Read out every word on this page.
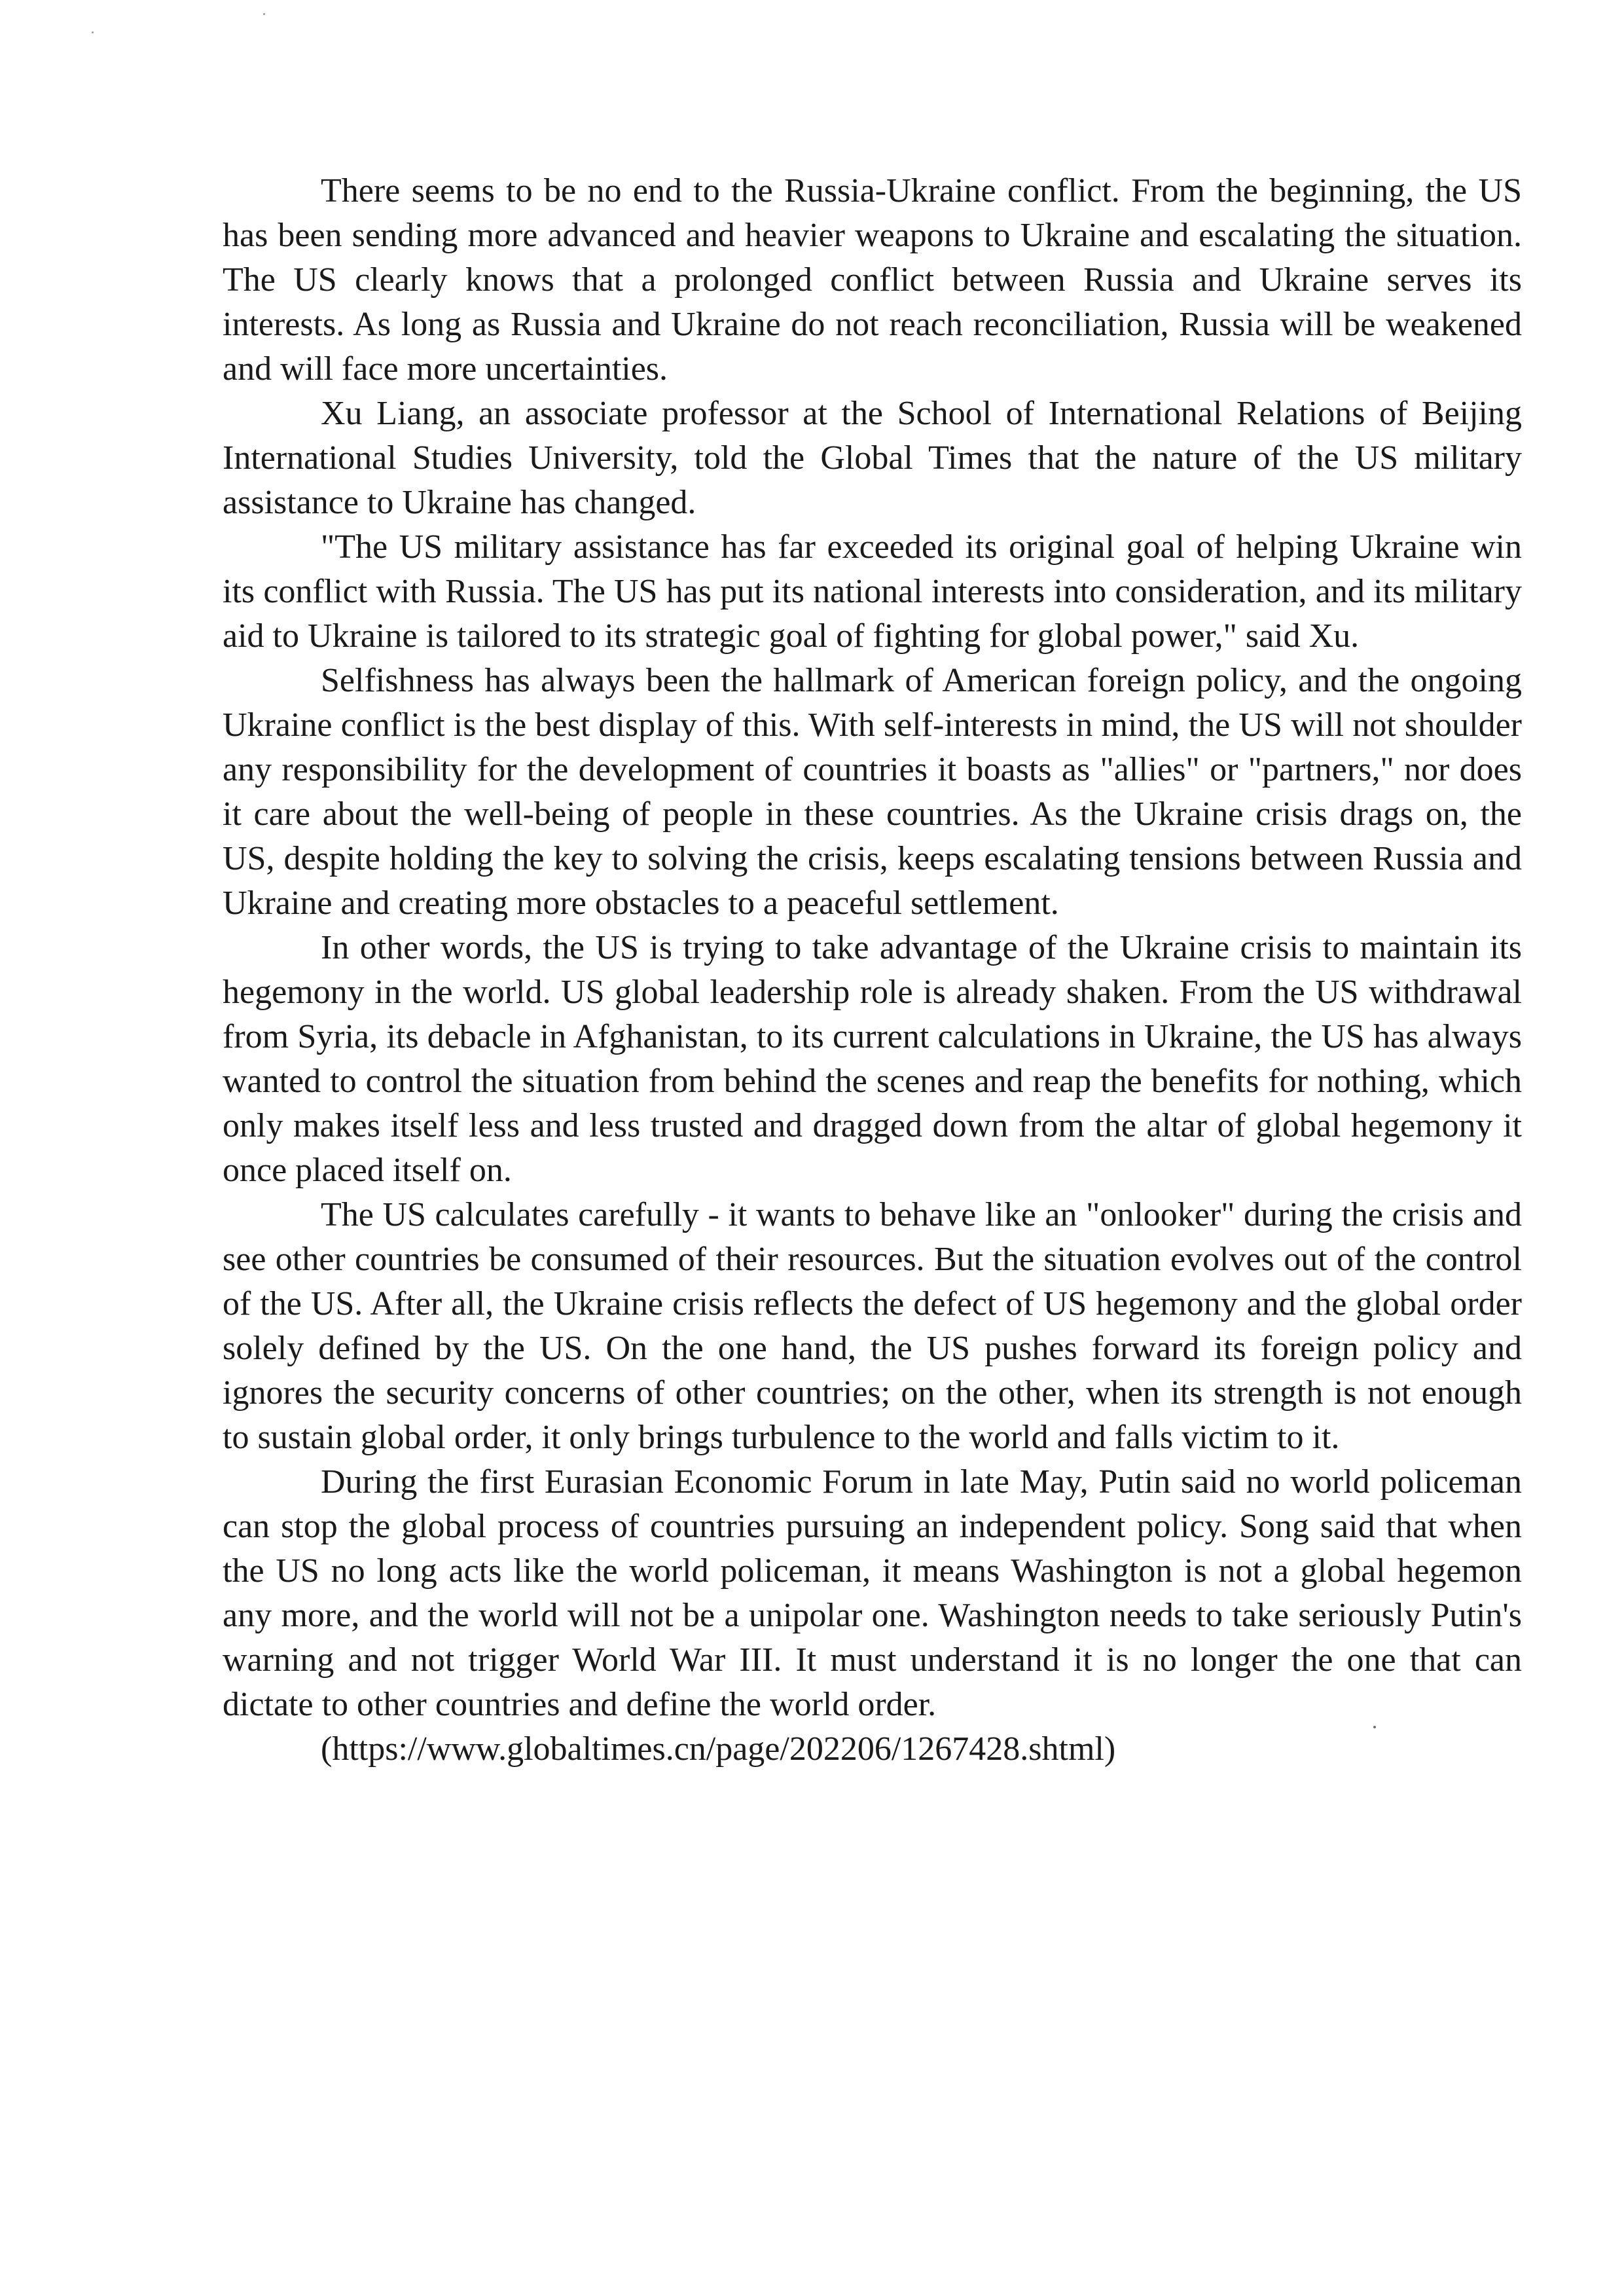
There seems to be no end to the Russia-Ukraine conflict. From the beginning, the US has been sending more advanced and heavier weapons to Ukraine and escalating the situation. The US clearly knows that a prolonged conflict between Russia and Ukraine serves its interests. As long as Russia and Ukraine do not reach reconciliation, Russia will be weakened and will face more uncertainties.

Xu Liang, an associate professor at the School of International Relations of Beijing International Studies University, told the Global Times that the nature of the US military assistance to Ukraine has changed.

"The US military assistance has far exceeded its original goal of helping Ukraine win its conflict with Russia. The US has put its national interests into consideration, and its military aid to Ukraine is tailored to its strategic goal of fighting for global power," said Xu.

Selfishness has always been the hallmark of American foreign policy, and the ongoing Ukraine conflict is the best display of this. With self-interests in mind, the US will not shoulder any responsibility for the development of countries it boasts as "allies" or "partners," nor does it care about the well-being of people in these countries. As the Ukraine crisis drags on, the US, despite holding the key to solving the crisis, keeps escalating tensions between Russia and Ukraine and creating more obstacles to a peaceful settlement.

In other words, the US is trying to take advantage of the Ukraine crisis to maintain its hegemony in the world. US global leadership role is already shaken. From the US withdrawal from Syria, its debacle in Afghanistan, to its current calculations in Ukraine, the US has always wanted to control the situation from behind the scenes and reap the benefits for nothing, which only makes itself less and less trusted and dragged down from the altar of global hegemony it once placed itself on.

The US calculates carefully - it wants to behave like an "onlooker" during the crisis and see other countries be consumed of their resources. But the situation evolves out of the control of the US. After all, the Ukraine crisis reflects the defect of US hegemony and the global order solely defined by the US. On the one hand, the US pushes forward its foreign policy and ignores the security concerns of other countries; on the other, when its strength is not enough to sustain global order, it only brings turbulence to the world and falls victim to it.

During the first Eurasian Economic Forum in late May, Putin said no world policeman can stop the global process of countries pursuing an independent policy. Song said that when the US no long acts like the world policeman, it means Washington is not a global hegemon any more, and the world will not be a unipolar one. Washington needs to take seriously Putin's warning and not trigger World War III. It must understand it is no longer the one that can dictate to other countries and define the world order.

(https://www.globaltimes.cn/page/202206/1267428.shtml)
